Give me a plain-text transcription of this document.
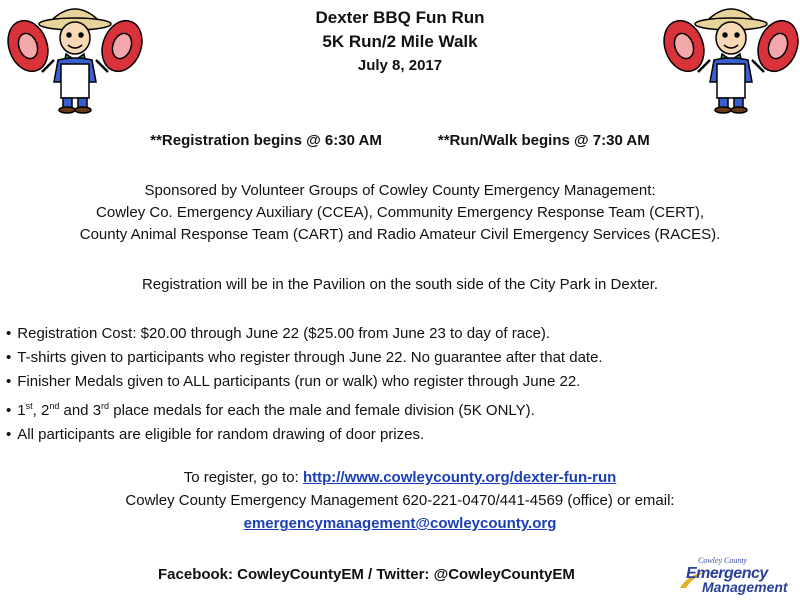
Dexter BBQ Fun Run
5K Run/2 Mile Walk
July 8, 2017
**Registration begins @ 6:30 AM	**Run/Walk begins @ 7:30 AM
Sponsored by Volunteer Groups of Cowley County Emergency Management:
Cowley Co. Emergency Auxiliary (CCEA), Community Emergency Response Team (CERT),
County Animal Response Team (CART) and Radio Amateur Civil Emergency Services (RACES).
Registration will be in the Pavilion on the south side of the City Park in Dexter.
• Registration Cost: $20.00 through June 22 ($25.00 from June 23 to day of race).
• T-shirts given to participants who register through June 22. No guarantee after that date.
• Finisher Medals given to ALL participants (run or walk) who register through June 22.
• 1st, 2nd and 3rd place medals for each the male and female division (5K ONLY).
• All participants are eligible for random drawing of door prizes.
To register, go to: http://www.cowleycounty.org/dexter-fun-run
Cowley County Emergency Management 620-221-0470/441-4569 (office) or email:
emergencymanagement@cowleycounty.org
Facebook: CowleyCountyEM / Twitter: @CowleyCountyEM
Cowley County
Emergency
Management
